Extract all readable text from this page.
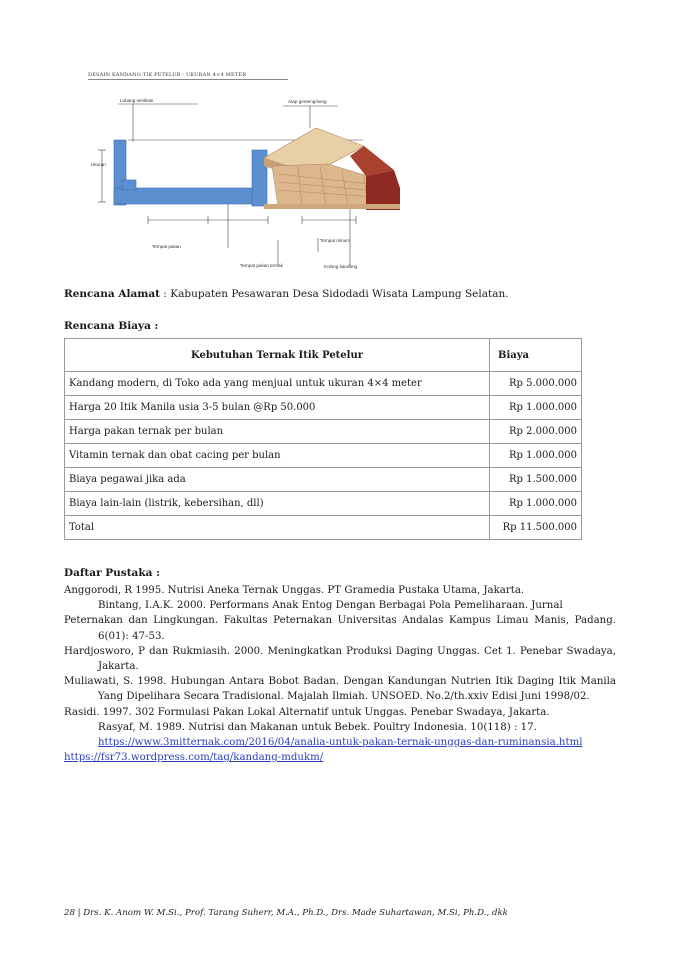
DESAIN KANDANG TIK PETELUR - UKURAN 4×4 METER
Lubang ventilasi	Atap genteng/seng
Tempat pakan
Ukuran
Tempat minum
Tempat pakan ternak	Kolong kandang
Rencana Alamat : Kabupaten Pesawaran Desa Sidodadi Wisata Lampung Selatan.
Rencana Biaya :
Kebutuhan Ternak Itik Petelur	Biaya
Kandang modern, di Toko ada yang menjual untuk ukuran 4×4 meter	Rp 5.000.000
Harga 20 Itik Manila usia 3-5 bulan @Rp 50.000	Rp 1.000.000
Harga pakan ternak per bulan	Rp 2.000.000
Vitamin ternak dan obat cacing per bulan	Rp 1.000.000
Biaya pegawai jika ada	Rp 1.500.000
Biaya lain-lain (listrik, kebersihan, dll)	Rp 1.000.000
Total	Rp 11.500.000
Daftar Pustaka :
Anggorodi, R 1995. Nutrisi Aneka Ternak Unggas. PT Gramedia Pustaka Utama, Jakarta.
Bintang, I.A.K. 2000. Performans Anak Entog Dengan Berbagai Pola Pemeliharaan. Jurnal
Peternakan dan Lingkungan. Fakultas Peternakan Universitas Andalas Kampus Limau Manis, Padang. 6(01): 47-53.
Hardjosworo, P dan Rukmiasih. 2000. Meningkatkan Produksi Daging Unggas. Cet 1. Penebar Swadaya, Jakarta.
Muliawati, S. 1998. Hubungan Antara Bobot Badan. Dengan Kandungan Nutrien Itik Daging Itik Manila Yang Dipelihara Secara Tradisional. Majalah Ilmiah. UNSOED. No.2/th.xxiv Edisi Juni 1998/02.
Rasidi. 1997. 302 Formulasi Pakan Lokal Alternatif untuk Unggas. Penebar Swadaya, Jakarta.
Rasyaf, M. 1989. Nutrisi dan Makanan untuk Bebek. Poultry Indonesia. 10(118) : 17.
https://www.3mitternak.com/2016/04/analia-untuk-pakan-ternak-unggas-dan-ruminansia.html
https://fsr73.wordpress.com/tag/kandang-mdukm/
28 | Drs. K. Anom W. M.Si., Prof. Tarang Suherr, M.A., Ph.D., Drs. Made Suhartawan, M.Si, Ph.D., dkk
